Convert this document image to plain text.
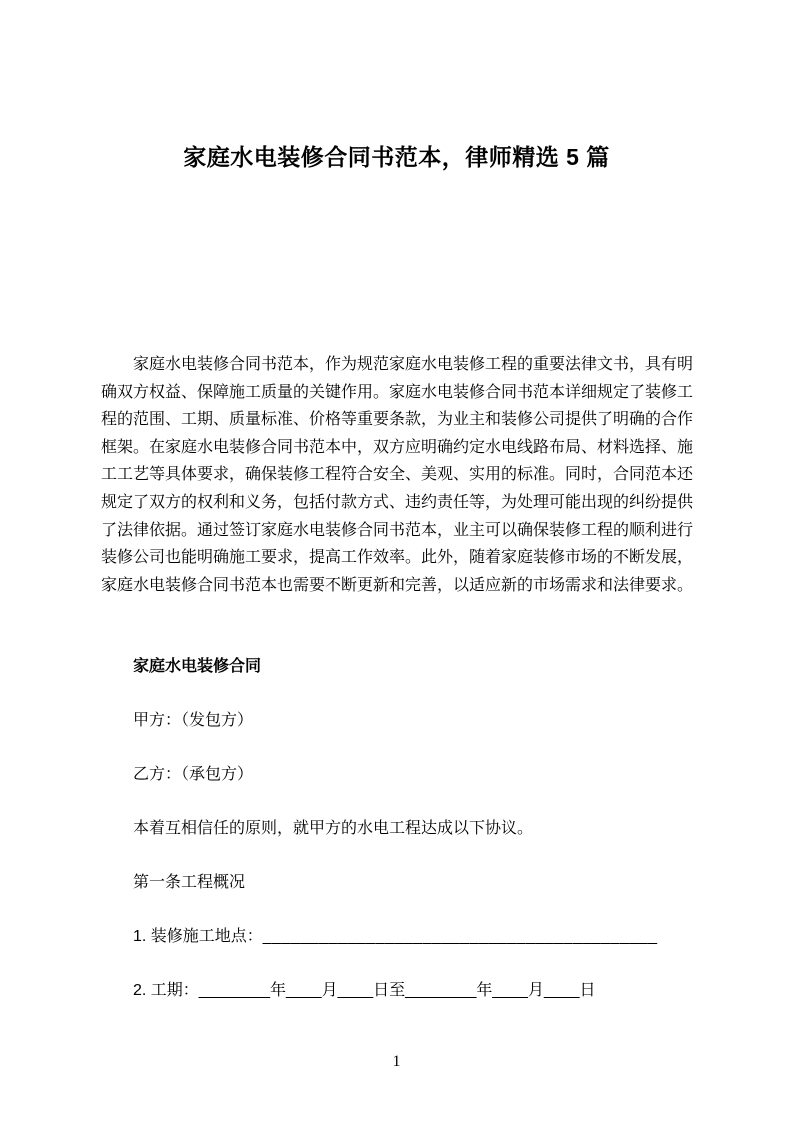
家庭水电装修合同书范本，律师精选 5 篇

家庭水电装修合同书范本，作为规范家庭水电装修工程的重要法律文书，具有明确双方权益、保障施工质量的关键作用。家庭水电装修合同书范本详细规定了装修工程的范围、工期、质量标准、价格等重要条款，为业主和装修公司提供了明确的合作框架。在家庭水电装修合同书范本中，双方应明确约定水电线路布局、材料选择、施工工艺等具体要求，确保装修工程符合安全、美观、实用的标准。同时，合同范本还规定了双方的权利和义务，包括付款方式、违约责任等，为处理可能出现的纠纷提供了法律依据。通过签订家庭水电装修合同书范本，业主可以确保装修工程的顺利进行装修公司也能明确施工要求，提高工作效率。此外，随着家庭装修市场的不断发展，家庭水电装修合同书范本也需要不断更新和完善，以适应新的市场需求和法律要求。

家庭水电装修合同

甲方：（发包方）

乙方：（承包方）

本着互相信任的原则，就甲方的水电工程达成以下协议。

第一条工程概况

1. 装修施工地点：__________________________________________

2. 工期：________年____月____日至________年____月____日

1
